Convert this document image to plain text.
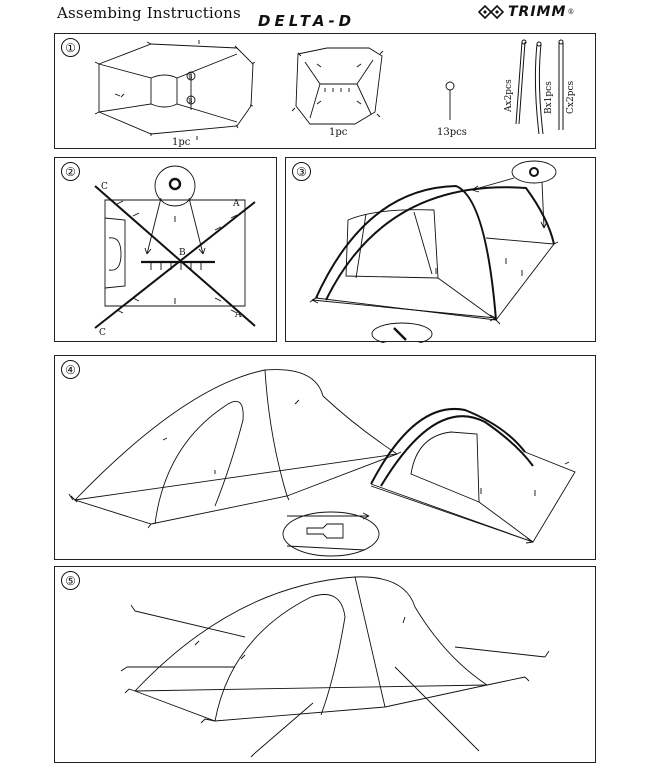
Assembing Instructions DELTA-D	TRIMM ®
①
B
B
1pc
1pc	13pcs
Ax2pcs	Bx1pcs Cx2pcs
②
C
A
B
A
C
③
④
⑤
